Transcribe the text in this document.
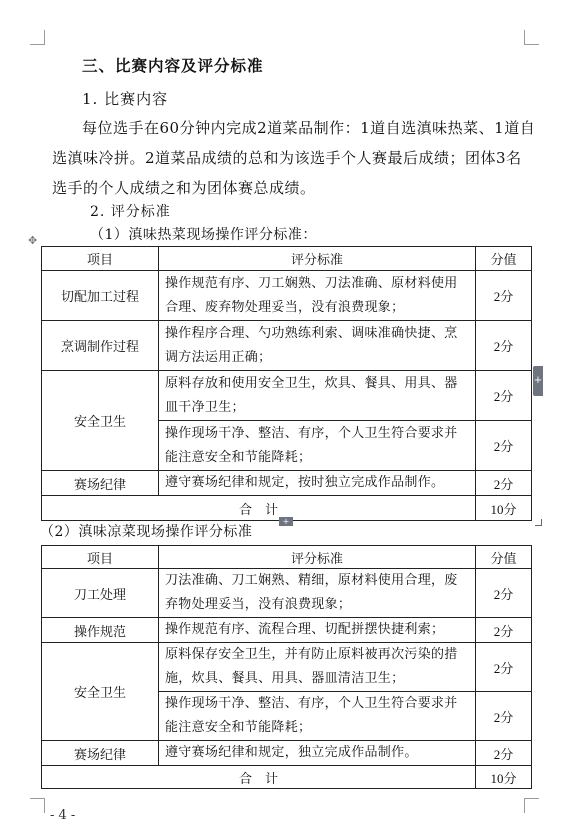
三、比赛内容及评分标准
1. 比赛内容
每位选手在60分钟内完成2道菜品制作：1道自选滇味热菜、1道自选滇味冷拼。2道菜品成绩的总和为该选手个人赛最后成绩；团体3名选手的个人成绩之和为团体赛总成绩。
2. 评分标准
✥	（1）滇味热菜现场操作评分标准：
项目	评分标准	分值
切配加工过程	操作规范有序、刀工娴熟、刀法准确、原材料使用合理、废弃物处理妥当，没有浪费现象；	2分
烹调制作过程	操作程序合理、勺功熟练利索、调味准确快捷、烹调方法运用正确；	2分
安全卫生	原料存放和使用安全卫生，炊具、餐具、用具、器皿干净卫生；	2分
	操作现场干净、整洁、有序，个人卫生符合要求并能注意安全和节能降耗；	2分
赛场纪律	遵守赛场纪律和规定，按时独立完成作品制作。	2分
合　计		10分
+
+
（2）滇味凉菜现场操作评分标准
项目	评分标准	分值
刀工处理	刀法准确、刀工娴熟、精细，原材料使用合理，废弃物处理妥当，没有浪费现象；	2分
操作规范	操作规范有序、流程合理、切配拼摆快捷利索；	2分
安全卫生	原料保存安全卫生，并有防止原料被再次污染的措施，炊具、餐具、用具、器皿清洁卫生；	2分
	操作现场干净、整洁、有序，个人卫生符合要求并能注意安全和节能降耗；	2分
赛场纪律	遵守赛场纪律和规定，独立完成作品制作。	2分
合　计		10分
- 4 -
